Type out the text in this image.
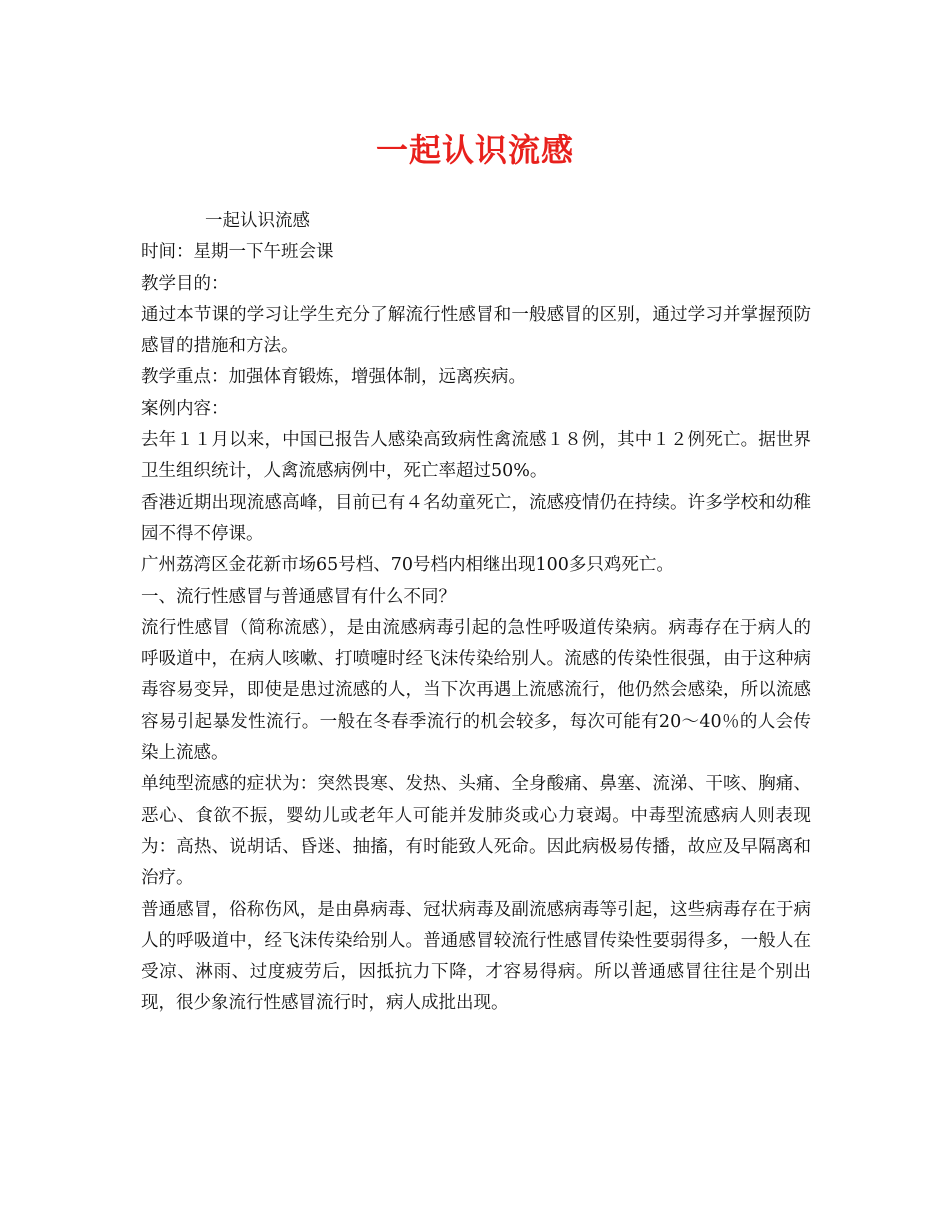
一起认识流感

一起认识流感

时间：星期一下午班会课

教学目的：

通过本节课的学习让学生充分了解流行性感冒和一般感冒的区别，通过学习并掌握预防感冒的措施和方法。

教学重点：加强体育锻炼，增强体制，远离疾病。

案例内容：

去年１１月以来，中国已报告人感染高致病性禽流感１８例，其中１２例死亡。据世界卫生组织统计，人禽流感病例中，死亡率超过50%。

香港近期出现流感高峰，目前已有４名幼童死亡，流感疫情仍在持续。许多学校和幼稚园不得不停课。

广州荔湾区金花新市场65号档、70号档内相继出现100多只鸡死亡。

一、流行性感冒与普通感冒有什么不同？

流行性感冒（简称流感），是由流感病毒引起的急性呼吸道传染病。病毒存在于病人的呼吸道中，在病人咳嗽、打喷嚏时经飞沫传染给别人。流感的传染性很强，由于这种病毒容易变异，即使是患过流感的人，当下次再遇上流感流行，他仍然会感染，所以流感容易引起暴发性流行。一般在冬春季流行的机会较多，每次可能有20～40％的人会传染上流感。

单纯型流感的症状为：突然畏寒、发热、头痛、全身酸痛、鼻塞、流涕、干咳、胸痛、恶心、食欲不振，婴幼儿或老年人可能并发肺炎或心力衰竭。中毒型流感病人则表现为：高热、说胡话、昏迷、抽搐，有时能致人死命。因此病极易传播，故应及早隔离和治疗。

普通感冒，俗称伤风，是由鼻病毒、冠状病毒及副流感病毒等引起，这些病毒存在于病人的呼吸道中，经飞沫传染给别人。普通感冒较流行性感冒传染性要弱得多，一般人在受凉、淋雨、过度疲劳后，因抵抗力下降，才容易得病。所以普通感冒往往是个别出现，很少象流行性感冒流行时，病人成批出现。
